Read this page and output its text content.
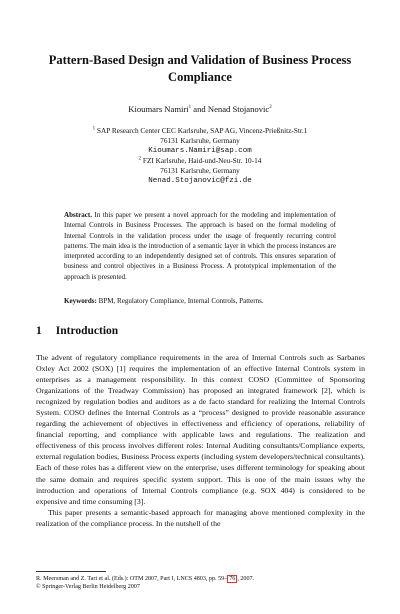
Pattern-Based Design and Validation of Business Process
Compliance
Kioumars Namiri$^1$ and Nenad Stojanovic$^2$
$^1$ SAP Research Center CEC Karlsruhe, SAP AG, Vincenz-Prießnitz-Str.1
76131 Karlsruhe, Germany
Kioumars.Namiri@sap.com
$^2$ FZI Karlsruhe, Haid-und-Neu-Str. 10-14
76131 Karlsruhe, Germany
Nenad.Stojanovic@fzi.de
Abstract. In this paper we present a novel approach for the modeling and implementation of Internal Controls in Business Processes. The approach is based on the formal modeling of Internal Controls in the validation process under the usage of frequently recurring control patterns. The main idea is the introduction of a semantic layer in which the process instances are interpreted according to an independently designed set of controls. This ensures separation of business and control objectives in a Business Process. A prototypical implementation of the approach is presented.
Keywords: BPM, Regulatory Compliance, Internal Controls, Patterns.
1 Introduction

The advent of regulatory compliance requirements in the area of Internal Controls such as Sarbanes Oxley Act 2002 (SOX) [1] requires the implementation of an effective Internal Controls system in enterprises as a management responsibility. In this context COSO (Committee of Sponsoring Organizations of the Treadway Commission) has proposed an integrated framework [2], which is recognized by regulation bodies and auditors as a de facto standard for realizing the Internal Controls System. COSO defines the Internal Controls as a “process” designed to provide reasonable assurance regarding the achievement of objectives in effectiveness and efficiency of operations, reliability of financial reporting, and compliance with applicable laws and regulations. The realization and effectiveness of this process involves different roles: Internal Auditing consultants/Compliance experts, external regulation bodies, Business Process experts (including system developers/technical consultants). Each of these roles has a different view on the enterprise, uses different terminology for speaking about the same domain and requires specific system support. This is one of the main issues why the introduction and operations of Internal Controls compliance (e.g. SOX 404) is considered to be expensive and time consuming [3].

This paper presents a semantic-based approach for managing above mentioned complexity in the realization of the compliance process. In the nutshell of the

R. Meersman and Z. Tari et al. (Eds.): OTM 2007, Part I, LNCS 4803, pp. 59– 76 , 2007.
© Springer-Verlag Berlin Heidelberg 2007
